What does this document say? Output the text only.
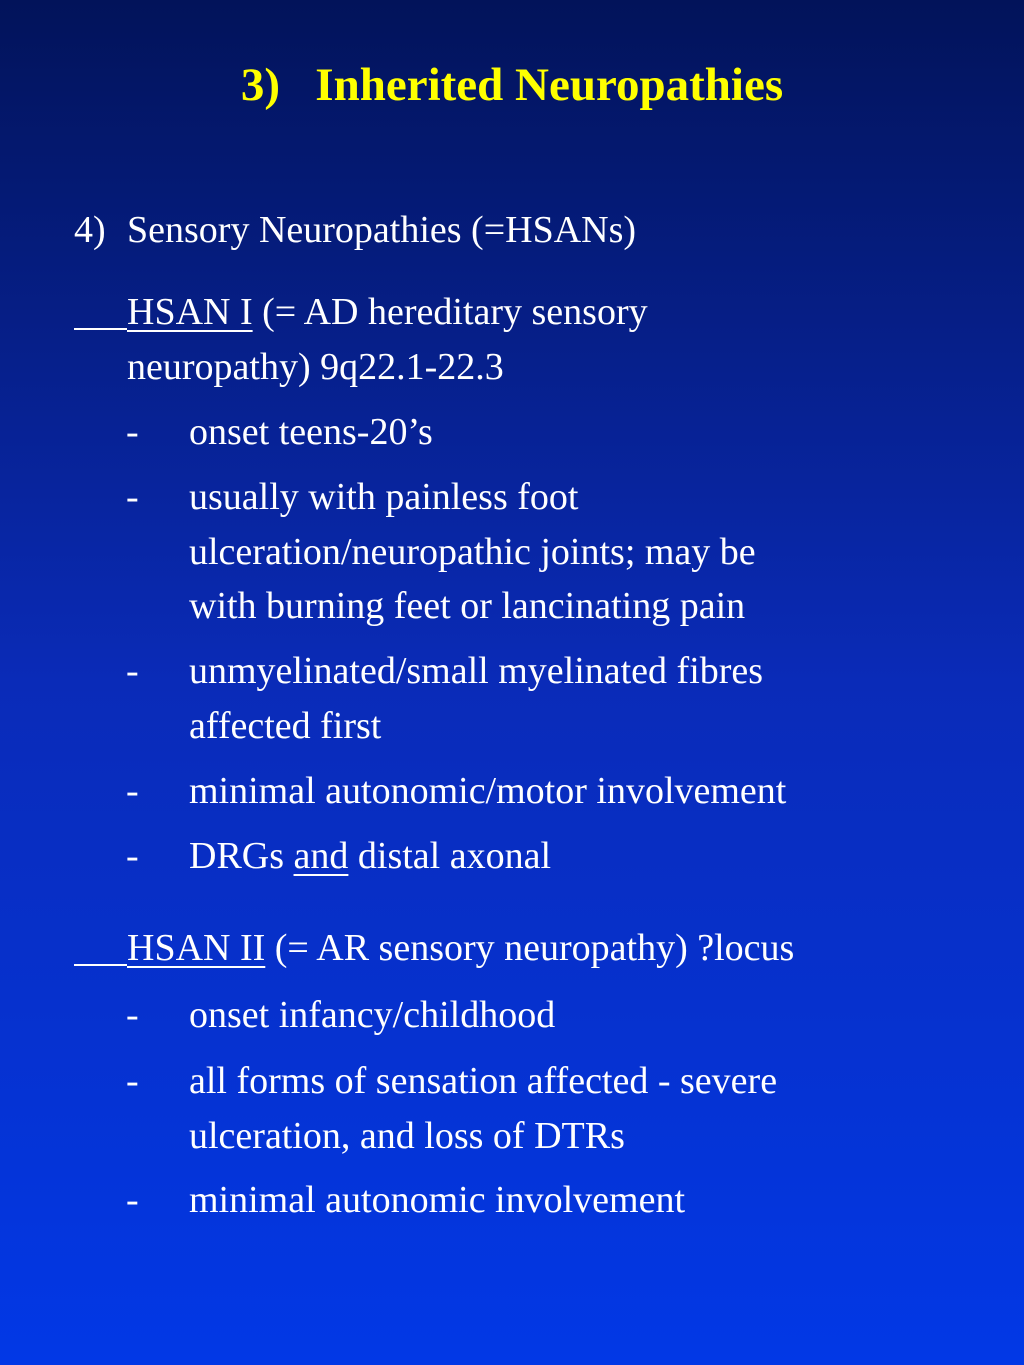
3)   Inherited Neuropathies
4) Sensory Neuropathies (=HSANs)
HSAN I (= AD hereditary sensory
neuropathy) 9q22.1-22.3
- onset teens-20’s
- usually with painless foot
ulceration/neuropathic joints; may be
with burning feet or lancinating pain
- unmyelinated/small myelinated fibres
affected first
- minimal autonomic/motor involvement
- DRGs and distal axonal
HSAN II (= AR sensory neuropathy) ?locus
- onset infancy/childhood
- all forms of sensation affected - severe
ulceration, and loss of DTRs
- minimal autonomic involvement
